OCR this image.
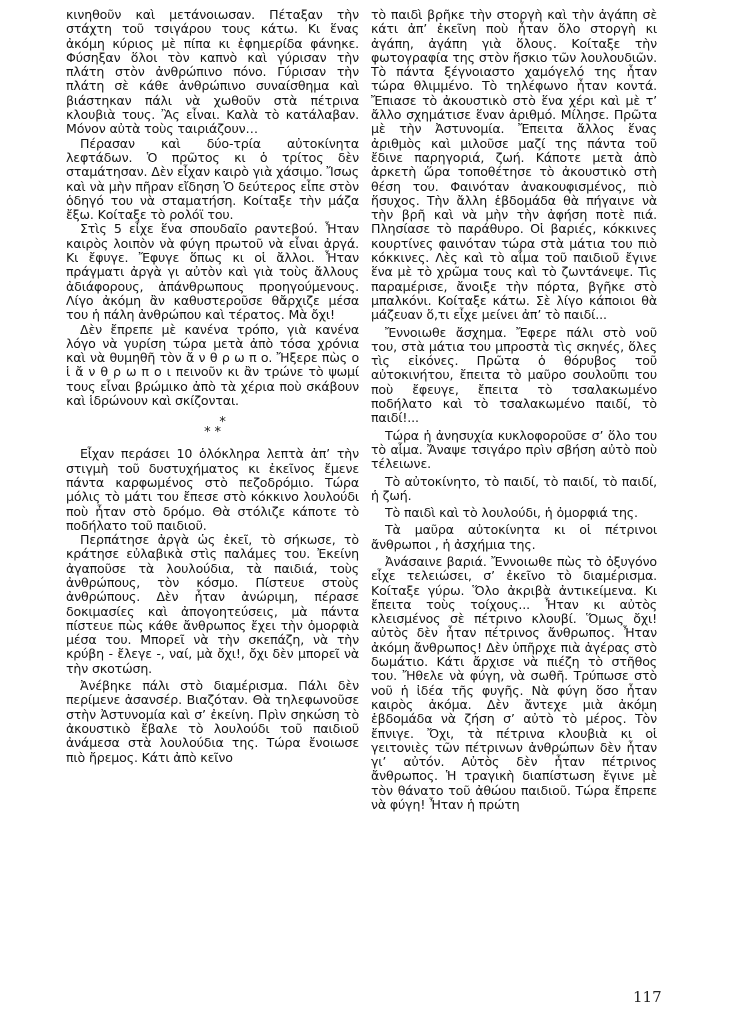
κινηθοῦν καὶ μετάνοιωσαν. Πέταξαν τὴν στάχτη τοῦ τσιγάρου τους κάτω. Κι ἕνας ἀκόμη κύριος μὲ πίπα κι ἐφημερίδα φάνηκε. Φύσηξαν ὅλοι τὸν καπνὸ καὶ γύρισαν τὴν πλάτη στὸν ἀνθρώπινο πόνο. Γύρισαν τὴν πλάτη σὲ κάθε ἀνθρώπινο συναίσθημα καὶ βιάστηκαν πάλι νὰ χωθοῦν στὰ πέτρινα κλουβιὰ τους. Ἂς εἶναι. Καλὰ τὸ κατάλαβαν. Μόνον αὐτὰ τοὺς ταιριάζουν…

Πέρασαν καὶ δύο-τρία αὐτοκίνητα λεφτάδων. Ὁ πρῶτος κι ὁ τρίτος δὲν σταμάτησαν. Δὲν εἶχαν καιρὸ γιὰ χάσιμο. Ἴσως καὶ νὰ μὴν πῆραν εἴδηση Ὁ δεύτερος εἶπε στὸν ὁδηγό του νὰ σταματήση. Κοίταξε τὴν μάζα ἔξω. Κοίταξε τὸ ρολόϊ του.

Στὶς 5 εἶχε ἕνα σπουδαῖο ραντεβού. Ἦταν καιρὸς λοιπὸν νὰ φύγη πρωτοῦ νὰ εἶναι ἀργά. Κι ἔφυγε. Ἔφυγε ὅπως κι οἱ ἄλλοι. Ἦταν πράγματι ἀργὰ γι αὐτὸν καὶ γιὰ τοὺς ἄλλους ἀδιάφορους, ἀπάνθρωπους προηγούμενους. Λίγο ἀκόμη ἂν καθυστεροῦσε θἄρχιζε μέσα του ἡ πάλη ἀνθρώπου καὶ τέρατος. Μὰ ὄχι!

Δὲν ἔπρεπε μὲ κανένα τρόπο, γιὰ κανένα λόγο νὰ γυρίση τώρα μετὰ ἀπὸ τόσα χρόνια καὶ νὰ θυμηθῆ τὸν ἄ ν θ ρ ω π ο. Ἤξερε πὼς ο ἱ ἄ ν θ ρ ω π ο ι πεινοῦν κι ἂν τρώνε τὸ ψωμί τους εἶναι βρώμικο ἀπὸ τὰ χέρια ποὺ σκάβουν καὶ ἱδρώνουν καὶ σκίζονται.

*
* *

Εἶχαν περάσει 10 ὁλόκληρα λεπτὰ ἀπ’ τὴν στιγμὴ τοῦ δυστυχήματος κι ἐκεῖνος ἔμενε πάντα καρφωμένος στὸ πεζοδρόμιο. Τώρα μόλις τὸ μάτι του ἔπεσε στὸ κόκκινο λουλούδι ποὺ ἦταν στὸ δρόμο. Θὰ στόλιζε κάποτε τὸ ποδήλατο τοῦ παιδιοῦ.

Περπάτησε ἀργὰ ὡς ἐκεῖ, τὸ σήκωσε, τὸ κράτησε εὐλαβικὰ στὶς παλάμες του. Ἐκείνη ἀγαποῦσε τὰ λουλούδια, τὰ παιδιά, τοὺς ἀνθρώπους, τὸν κόσμο. Πίστευε στοὺς ἀνθρώπους. Δὲν ἦταν ἀνώριμη, πέρασε δοκιμασίες καὶ ἀπογοητεύσεις, μὰ πάντα πίστευε πὼς κάθε ἄνθρωπος ἔχει τὴν ὀμορφιὰ μέσα του. Μπορεῖ νὰ τὴν σκεπάζη, νὰ τὴν κρύβη - ἔλεγε -, ναί, μὰ ὄχι!, ὄχι δὲν μπορεῖ νὰ τὴν σκοτώση.

Ἀνέβηκε πάλι στὸ διαμέρισμα. Πάλι δὲν περίμενε ἀσανσέρ. Βιαζόταν. Θὰ τηλεφωνοῦσε στὴν Ἀστυνομία καὶ σ’ ἐκείνη. Πρὶν σηκώση τὸ ἀκουστικὸ ἔβαλε τὸ λουλούδι τοῦ παιδιοῦ ἀνάμεσα στὰ λουλούδια της. Τώρα ἔνοιωσε πιὸ ἤρεμος. Κάτι ἀπὸ κεῖνο

τὸ παιδὶ βρῆκε τὴν στοργὴ καὶ τὴν ἀγάπη σὲ κάτι ἀπ’ ἐκεῖνη ποὺ ἦταν ὅλο στοργὴ κι ἀγάπη, ἀγάπη γιὰ ὅλους. Κοίταξε τὴν φωτογραφία της στὸν ἥσκιο τῶν λουλουδιῶν. Τὸ πάντα ξέγνοιαστο χαμόγελό της ἦταν τώρα θλιμμένο. Τὸ τηλέφωνο ἦταν κοντά. Ἔπιασε τὸ ἀκουστικὸ στὸ ἕνα χέρι καὶ μὲ τ’ ἄλλο σχημάτισε ἕναν ἀριθμό. Μίλησε. Πρῶτα μὲ τὴν Ἀστυνομία. Ἔπειτα ἄλλος ἕνας ἀριθμὸς καὶ μιλοῦσε μαζί της πάντα τοῦ ἔδινε παρηγοριά, ζωή. Κάποτε μετὰ ἀπὸ ἀρκετὴ ὥρα τοποθέτησε τὸ ἀκουστικὸ στὴ θέση του. Φαινόταν ἀνακουφισμένος, πιὸ ἥσυχος. Τὴν ἄλλη ἑβδομάδα θὰ πήγαινε νὰ τὴν βρῆ καὶ νὰ μὴν τὴν ἀφήση ποτὲ πιά. Πλησίασε τὸ παράθυρο. Οἱ βαριές, κόκκινες κουρτίνες φαινόταν τώρα στὰ μάτια του πιὸ κόκκινες. Λὲς καὶ τὸ αἷμα τοῦ παιδιοῦ ἔγινε ἕνα μὲ τὸ χρῶμα τους καὶ τὸ ζωντάνεψε. Τὶς παραμέρισε, ἄνοιξε τὴν πόρτα, βγῆκε στὸ μπαλκόνι. Κοίταξε κάτω. Σὲ λίγο κάποιοι θὰ μάζευαν ὅ,τι εἶχε μείνει ἀπ’ τὸ παιδί...

Ἔννοιωθε ἄσχημα. Ἔφερε πάλι στὸ νοῦ του, στὰ μάτια του μπροστὰ τὶς σκηνές, ὅλες τὶς εἰκόνες. Πρῶτα ὁ θόρυβος τοῦ αὐτοκινήτου, ἔπειτα τὸ μαῦρο σουλοῦπι του ποὺ ἔφευγε, ἔπειτα τὸ τσαλακωμένο ποδήλατο καὶ τὸ τσαλακωμένο παιδί, τὸ παιδί!...

Τώρα ἡ ἀνησυχία κυκλοφοροῦσε σ’ ὅλο του τὸ αἷμα. Ἄναψε τσιγάρο πρὶν σβήση αὐτὸ ποὺ τέλειωνε.

Τὸ αὐτοκίνητο, τὸ παιδί, τὸ παιδί, τὸ παιδί, ἡ ζωή.

Τὸ παιδὶ καὶ τὸ λουλούδι, ἡ ὀμορφιά της.

Τὰ μαῦρα αὐτοκίνητα κι οἱ πέτρινοι ἄνθρωποι , ἡ ἀσχήμια της.

Ἀνάσαινε βαριά. Ἔννοιωθε πὼς τὸ ὀξυγόνο εἶχε τελειώσει, σ’ ἐκεῖνο τὸ διαμέρισμα. Κοίταξε γύρω. Ὅλο ἀκριβὰ ἀντικείμενα. Κι ἔπειτα τοὺς τοίχους... Ἦταν κι αὐτὸς κλεισμένος σὲ πέτρινο κλουβί. Ὅμως ὄχι! αὐτὸς δὲν ἦταν πέτρινος ἄνθρωπος. Ἦταν ἀκόμη ἄνθρωπος! Δὲν ὑπῆρχε πιὰ ἀγέρας στὸ δωμάτιο. Κάτι ἄρχισε νὰ πιέζη τὸ στῆθος του. Ἤθελε νὰ φύγη, νὰ σωθῆ. Τρύπωσε στὸ νοῦ ἡ ἰδέα τῆς φυγῆς. Νὰ φύγη ὅσο ἦταν καιρὸς ἀκόμα. Δὲν ἄντεχε μιὰ ἀκόμη ἑβδομάδα νὰ ζήση σ’ αὐτὸ τὸ μέρος. Τὸν ἔπνιγε. Ὄχι, τὰ πέτρινα κλουβιὰ κι οἱ γειτονιὲς τῶν πέτρινων ἀνθρώπων δὲν ἦταν γι’ αὐτόν. Αὐτὸς δὲν ἦταν πέτρινος ἄνθρωπος. Ἡ τραγικὴ διαπίστωση ἔγινε μὲ τὸν θάνατο τοῦ ἀθώου παιδιοῦ. Τώρα ἔπρεπε νὰ φύγη! Ἦταν ἡ πρώτη

117
